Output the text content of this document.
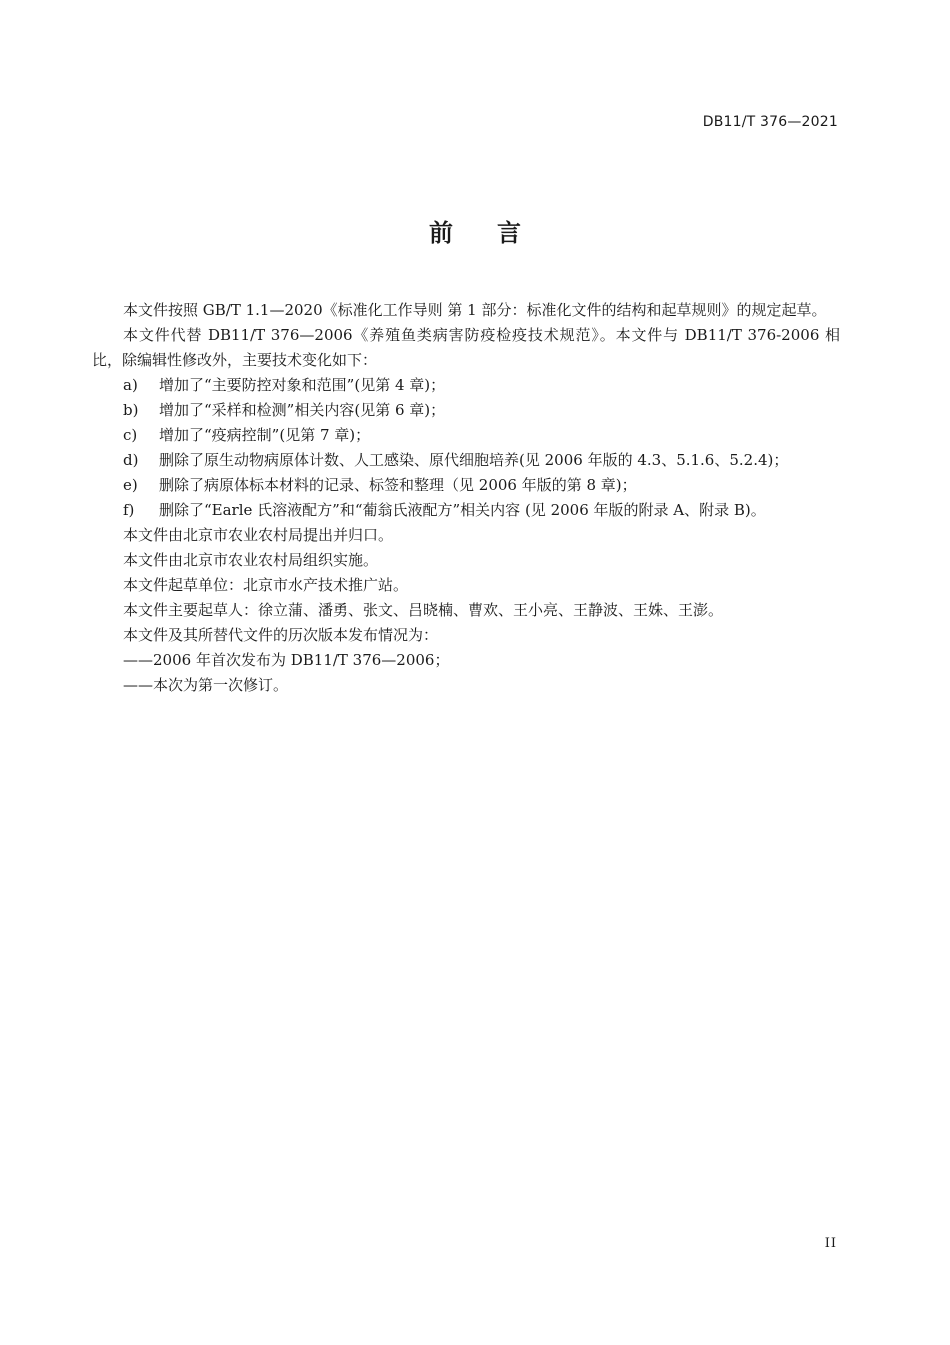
DB11/T 376—2021
前言

本文件按照 GB/T 1.1—2020《标准化工作导则 第 1 部分：标准化文件的结构和起草规则》的规定起草。

本文件代替 DB11/T 376—2006《养殖鱼类病害防疫检疫技术规范》。本文件与 DB11/T 376-2006 相比，除编辑性修改外，主要技术变化如下：

a) 增加了“主要防控对象和范围”(见第 4 章)；

b) 增加了“采样和检测”相关内容(见第 6 章)；

c) 增加了“疫病控制”(见第 7 章)；

d) 删除了原生动物病原体计数、人工感染、原代细胞培养(见 2006 年版的 4.3、5.1.6、5.2.4)；

e) 删除了病原体标本材料的记录、标签和整理（见 2006 年版的第 8 章)；

f) 删除了“Earle 氏溶液配方”和“葡翁氏液配方”相关内容 (见 2006 年版的附录 A、附录 B)。

本文件由北京市农业农村局提出并归口。

本文件由北京市农业农村局组织实施。

本文件起草单位：北京市水产技术推广站。

本文件主要起草人：徐立蒲、潘勇、张文、吕晓楠、曹欢、王小亮、王静波、王姝、王澎。

本文件及其所替代文件的历次版本发布情况为：

——2006 年首次发布为 DB11/T 376—2006；

——本次为第一次修订。

II
